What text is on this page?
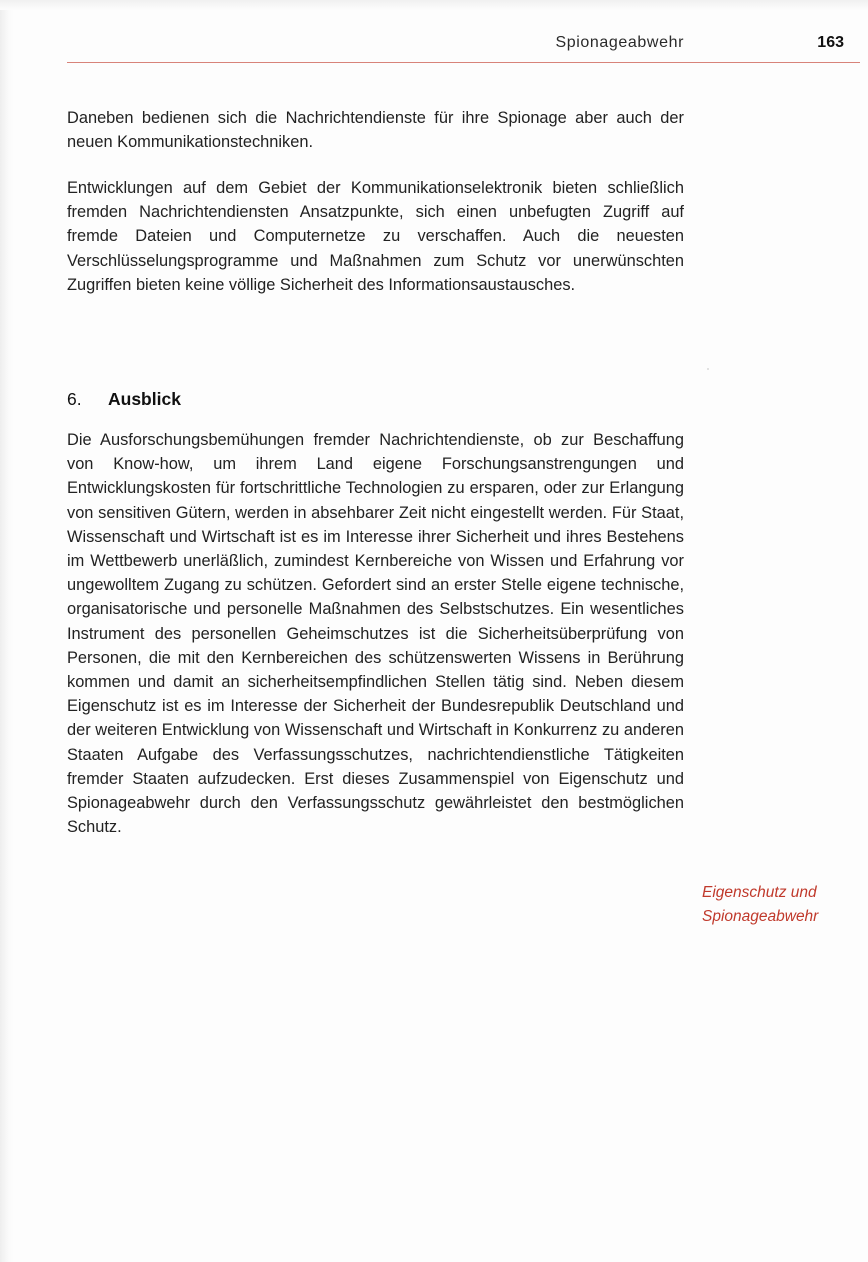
Spionageabwehr	163

Daneben bedienen sich die Nachrichtendienste für ihre Spionage aber auch der neuen Kommunikationstechniken.

Entwicklungen auf dem Gebiet der Kommunikationselektronik bieten schließlich fremden Nachrichtendiensten Ansatzpunkte, sich einen unbefugten Zugriff auf fremde Dateien und Computernetze zu verschaffen. Auch die neuesten Verschlüsselungsprogramme und Maßnahmen zum Schutz vor unerwünschten Zugriffen bieten keine völlige Sicherheit des Informationsaustausches.

6. Ausblick

Die Ausforschungsbemühungen fremder Nachrichtendienste, ob zur Beschaffung von Know-how, um ihrem Land eigene Forschungsanstrengungen und Entwicklungskosten für fortschrittliche Technologien zu ersparen, oder zur Erlangung von sensitiven Gütern, werden in absehbarer Zeit nicht eingestellt werden. Für Staat, Wissenschaft und Wirtschaft ist es im Interesse ihrer Sicherheit und ihres Bestehens im Wettbewerb unerläßlich, zumindest Kernbereiche von Wissen und Erfahrung vor ungewolltem Zugang zu schützen. Gefordert sind an erster Stelle eigene technische, organisatorische und personelle Maßnahmen des Selbstschutzes. Ein wesentliches Instrument des personellen Geheimschutzes ist die Sicherheitsüberprüfung von Personen, die mit den Kernbereichen des schützenswerten Wissens in Berührung kommen und damit an sicherheitsempfindlichen Stellen tätig sind. Neben diesem Eigenschutz ist es im Interesse der Sicherheit der Bundesrepublik Deutschland und der weiteren Entwicklung von Wissenschaft und Wirtschaft in Konkurrenz zu anderen Staaten Aufgabe des Verfassungsschutzes, nachrichtendienstliche Tätigkeiten fremder Staaten aufzudecken. Erst dieses Zusammenspiel von Eigenschutz und Spionageabwehr durch den Verfassungsschutz gewährleistet den bestmöglichen Schutz.

Eigenschutz und
Spionageabwehr
